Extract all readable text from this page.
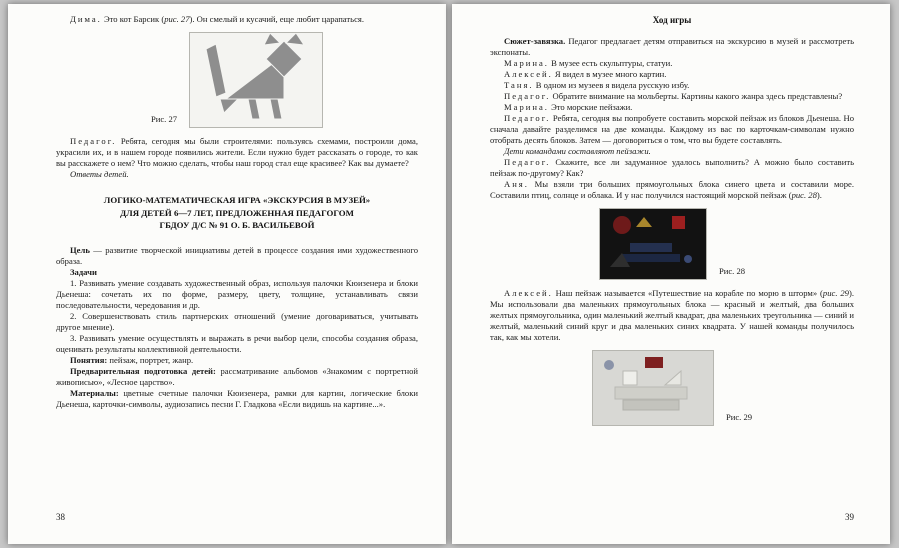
Дима. Это кот Барсик (рис. 27). Он смелый и кусачий, еще любит царапаться.

Рис. 27

Педагог. Ребята, сегодня мы были строителями: пользуясь схемами, построили дома, украсили их, и в нашем городе появились жители. Если нужно будет рассказать о городе, то как вы расскажете о нем? Что можно сделать, чтобы наш город стал еще красивее? Как вы думаете?

Ответы детей.

ЛОГИКО-МАТЕМАТИЧЕСКАЯ ИГРА «ЭКСКУРСИЯ В МУЗЕЙ»
ДЛЯ ДЕТЕЙ 6—7 ЛЕТ, ПРЕДЛОЖЕННАЯ ПЕДАГОГОМ
ГБДОУ Д/С № 91 О. Б. ВАСИЛЬЕВОЙ

Цель — развитие творческой инициативы детей в процессе создания ими художественного образа.

Задачи

1. Развивать умение создавать художественный образ, используя палочки Кюизенера и блоки Дьенеша: сочетать их по форме, размеру, цвету, толщине, устанавливать связи последовательности, чередования и др.

2. Совершенствовать стиль партнерских отношений (умение договариваться, учитывать другое мнение).

3. Развивать умение осуществлять и выражать в речи выбор цели, способы создания образа, оценивать результаты коллективной деятельности.

Понятия: пейзаж, портрет, жанр.

Предварительная подготовка детей: рассматривание альбомов «Знакомим с портретной живописью», «Лесное царство».

Материалы: цветные счетные палочки Кюизенера, рамки для картин, логические блоки Дьенеша, карточки-символы, аудиозапись песни Г. Гладкова «Если видишь на картине...».

38
Ход игры

Сюжет-завязка. Педагог предлагает детям отправиться на экскурсию в музей и рассмотреть экспонаты.

Марина. В музее есть скульптуры, статуи.

Алексей. Я видел в музее много картин.

Таня. В одном из музеев я видела русскую избу.

Педагог. Обратите внимание на мольберты. Картины какого жанра здесь представлены?

Марина. Это морские пейзажи.

Педагог. Ребята, сегодня вы попробуете составить морской пейзаж из блоков Дьенеша. Но сначала давайте разделимся на две команды. Каждому из вас по карточкам-символам нужно отобрать десять блоков. Затем — договориться о том, что вы будете составлять.

Дети командами составляют пейзажи.

Педагог. Скажите, все ли задуманное удалось выполнить? А можно было составить пейзаж по-другому? Как?

Аня. Мы взяли три больших прямоугольных блока синего цвета и составили море. Составили птиц, солнце и облака. И у нас получился настоящий морской пейзаж (рис. 28).

Рис. 28

Алексей. Наш пейзаж называется «Путешествие на корабле по морю в шторм» (рис. 29). Мы использовали два маленьких прямоугольных блока — красный и желтый, два больших желтых прямоугольника, один маленький желтый квадрат, два маленьких треугольника — синий и желтый, маленький синий круг и два маленьких синих квадрата. У нашей команды получилось так, как мы хотели.

Рис. 29
39
